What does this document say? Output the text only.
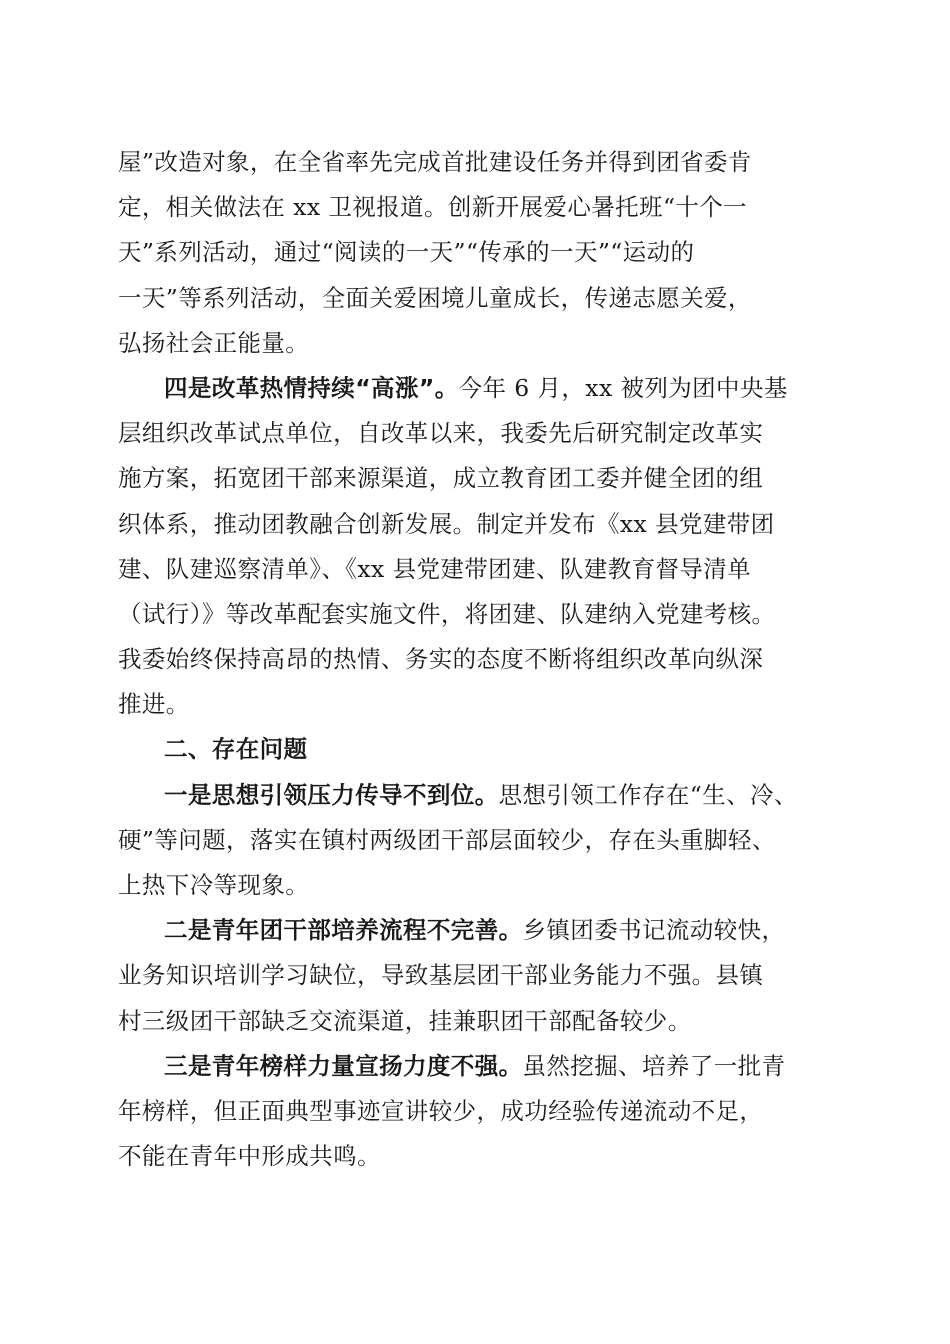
屋”改造对象，在全省率先完成首批建设任务并得到团省委肯
定，相关做法在 xx 卫视报道。创新开展爱心暑托班“十个一
天”系列活动，通过“阅读的一天”“传承的一天”“运动的
一天”等系列活动，全面关爱困境儿童成长，传递志愿关爱，
弘扬社会正能量。
四是改革热情持续“高涨”。今年 6 月，xx 被列为团中央基
层组织改革试点单位，自改革以来，我委先后研究制定改革实
施方案，拓宽团干部来源渠道，成立教育团工委并健全团的组
织体系，推动团教融合创新发展。制定并发布《xx 县党建带团
建、队建巡察清单》、《xx 县党建带团建、队建教育督导清单
（试行）》等改革配套实施文件，将团建、队建纳入党建考核。
我委始终保持高昂的热情、务实的态度不断将组织改革向纵深
推进。
二、存在问题
一是思想引领压力传导不到位。思想引领工作存在“生、冷、
硬”等问题，落实在镇村两级团干部层面较少，存在头重脚轻、
上热下冷等现象。
二是青年团干部培养流程不完善。乡镇团委书记流动较快，
业务知识培训学习缺位，导致基层团干部业务能力不强。县镇
村三级团干部缺乏交流渠道，挂兼职团干部配备较少。
三是青年榜样力量宣扬力度不强。虽然挖掘、培养了一批青
年榜样，但正面典型事迹宣讲较少，成功经验传递流动不足，
不能在青年中形成共鸣。
